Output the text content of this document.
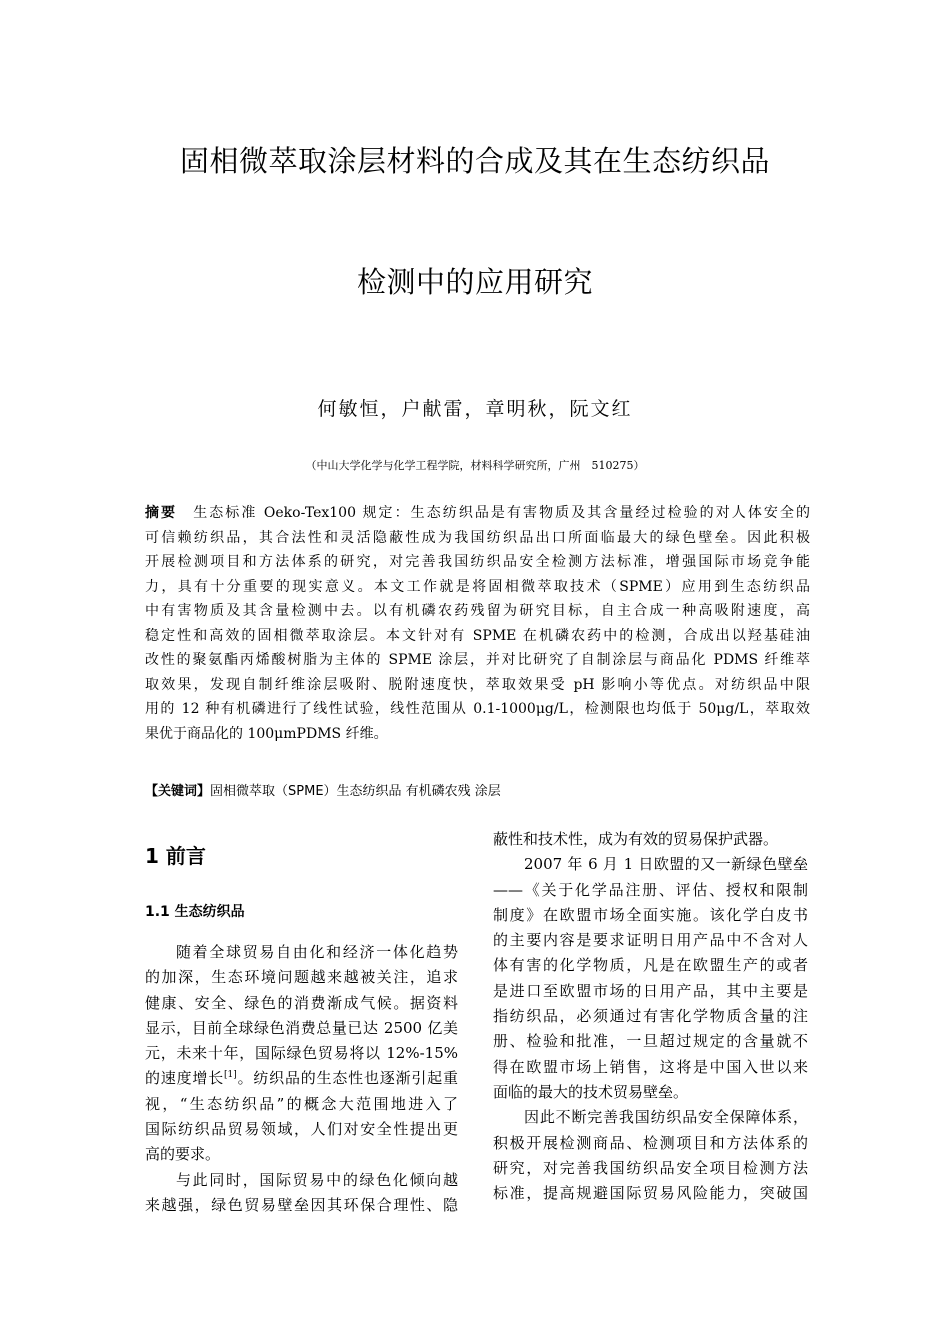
固相微萃取涂层材料的合成及其在生态纺织品
检测中的应用研究
何敏恒，户献雷，章明秋，阮文红
（中山大学化学与化学工程学院，材料科学研究所，广州　510275）
摘要　 生态标准 Oeko-Tex100 规定：生态纺织品是有害物质及其含量经过检验的对人体安全的
可信赖纺织品，其合法性和灵活隐蔽性成为我国纺织品出口所面临最大的绿色壁垒。因此积极
开展检测项目和方法体系的研究，对完善我国纺织品安全检测方法标准，增强国际市场竞争能
力，具有十分重要的现实意义。本文工作就是将固相微萃取技术（SPME）应用到生态纺织品
中有害物质及其含量检测中去。以有机磷农药残留为研究目标，自主合成一种高吸附速度，高
稳定性和高效的固相微萃取涂层。本文针对有 SPME 在机磷农药中的检测，合成出以羟基硅油
改性的聚氨酯丙烯酸树脂为主体的 SPME 涂层，并对比研究了自制涂层与商品化 PDMS 纤维萃
取效果，发现自制纤维涂层吸附、脱附速度快，萃取效果受 pH 影响小等优点。对纺织品中限
用的 12 种有机磷进行了线性试验，线性范围从 0.1-1000μg/L，检测限也均低于 50μg/L，萃取效
果优于商品化的 100μmPDMS 纤维。
【关键词】固相微萃取（SPME）生态纺织品 有机磷农残 涂层
1 前言
1.1 生态纺织品
随着全球贸易自由化和经济一体化趋势
的加深，生态环境问题越来越被关注，追求
健康、安全、绿色的消费渐成气候。据资料
显示，目前全球绿色消费总量已达 2500 亿美
元，未来十年，国际绿色贸易将以 12%-15%
的速度增长[1]。纺织品的生态性也逐渐引起重
视，“生态纺织品”的概念大范围地进入了
国际纺织品贸易领域，人们对安全性提出更
高的要求。
与此同时，国际贸易中的绿色化倾向越
来越强，绿色贸易壁垒因其环保合理性、隐
蔽性和技术性，成为有效的贸易保护武器。
2007 年 6 月 1 日欧盟的又一新绿色壁垒
——《关于化学品注册、评估、授权和限制
制度》在欧盟市场全面实施。该化学白皮书
的主要内容是要求证明日用产品中不含对人
体有害的化学物质，凡是在欧盟生产的或者
是进口至欧盟市场的日用产品，其中主要是
指纺织品，必须通过有害化学物质含量的注
册、检验和批准，一旦超过规定的含量就不
得在欧盟市场上销售，这将是中国入世以来
面临的最大的技术贸易壁垒。
因此不断完善我国纺织品安全保障体系，
积极开展检测商品、检测项目和方法体系的
研究，对完善我国纺织品安全项目检测方法
标准，提高规避国际贸易风险能力，突破国
